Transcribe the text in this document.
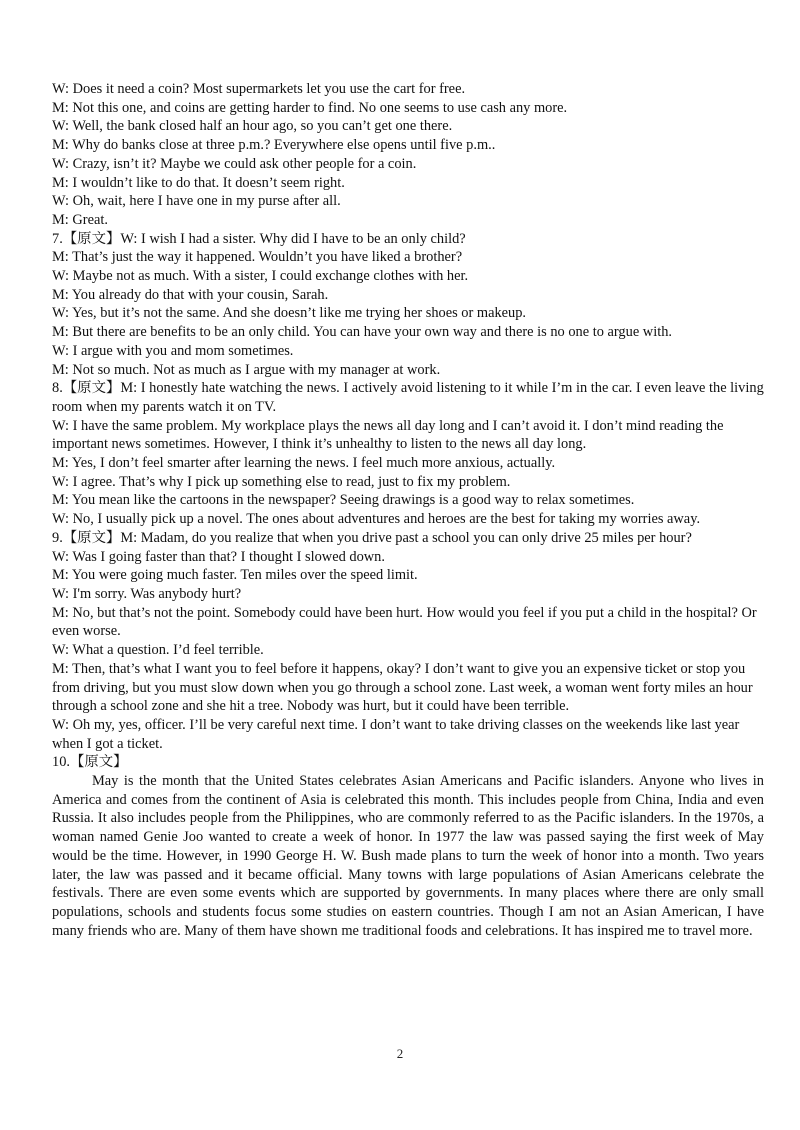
W: Does it need a coin? Most supermarkets let you use the cart for free.

M: Not this one, and coins are getting harder to find. No one seems to use cash any more.

W: Well, the bank closed half an hour ago, so you can’t get one there.

M: Why do banks close at three p.m.? Everywhere else opens until five p.m..

W: Crazy, isn’t it? Maybe we could ask other people for a coin.

M: I wouldn’t like to do that. It doesn’t seem right.

W: Oh, wait, here I have one in my purse after all.

M: Great.

7.【原文】W: I wish I had a sister. Why did I have to be an only child?

M: That’s just the way it happened. Wouldn’t you have liked a brother?

W: Maybe not as much. With a sister, I could exchange clothes with her.

M: You already do that with your cousin, Sarah.

W: Yes, but it’s not the same. And she doesn’t like me trying her shoes or makeup.

M: But there are benefits to be an only child. You can have your own way and there is no one to argue with.

W: I argue with you and mom sometimes.

M: Not so much. Not as much as I argue with my manager at work.

8.【原文】M: I honestly hate watching the news. I actively avoid listening to it while I’m in the car. I even leave the living room when my parents watch it on TV.

W: I have the same problem. My workplace plays the news all day long and I can’t avoid it. I don’t mind reading the important news sometimes. However, I think it’s unhealthy to listen to the news all day long.

M: Yes, I don’t feel smarter after learning the news. I feel much more anxious, actually.

W: I agree. That’s why I pick up something else to read, just to fix my problem.

M: You mean like the cartoons in the newspaper? Seeing drawings is a good way to relax sometimes.

W: No, I usually pick up a novel. The ones about adventures and heroes are the best for taking my worries away.

9.【原文】M: Madam, do you realize that when you drive past a school you can only drive 25 miles per hour?

W: Was I going faster than that? I thought I slowed down.

M: You were going much faster. Ten miles over the speed limit.

W: I'm sorry. Was anybody hurt?

M: No, but that’s not the point. Somebody could have been hurt. How would you feel if you put a child in the hospital? Or even worse.

W: What a question. I’d feel terrible.

M: Then, that’s what I want you to feel before it happens, okay? I don’t want to give you an expensive ticket or stop you from driving, but you must slow down when you go through a school zone. Last week, a woman went forty miles an hour through a school zone and she hit a tree. Nobody was hurt, but it could have been terrible.

W: Oh my, yes, officer. I’ll be very careful next time. I don’t want to take driving classes on the weekends like last year when I got a ticket.

10.【原文】

May is the month that the United States celebrates Asian Americans and Pacific islanders. Anyone who lives in America and comes from the continent of Asia is celebrated this month. This includes people from China, India and even Russia. It also includes people from the Philippines, who are commonly referred to as the Pacific islanders. In the 1970s, a woman named Genie Joo wanted to create a week of honor. In 1977 the law was passed saying the first week of May would be the time. However, in 1990 George H. W. Bush made plans to turn the week of honor into a month. Two years later, the law was passed and it became official. Many towns with large populations of Asian Americans celebrate the festivals. There are even some events which are supported by governments. In many places where there are only small populations, schools and students focus some studies on eastern countries. Though I am not an Asian American, I have many friends who are. Many of them have shown me traditional foods and celebrations. It has inspired me to travel more.

2
